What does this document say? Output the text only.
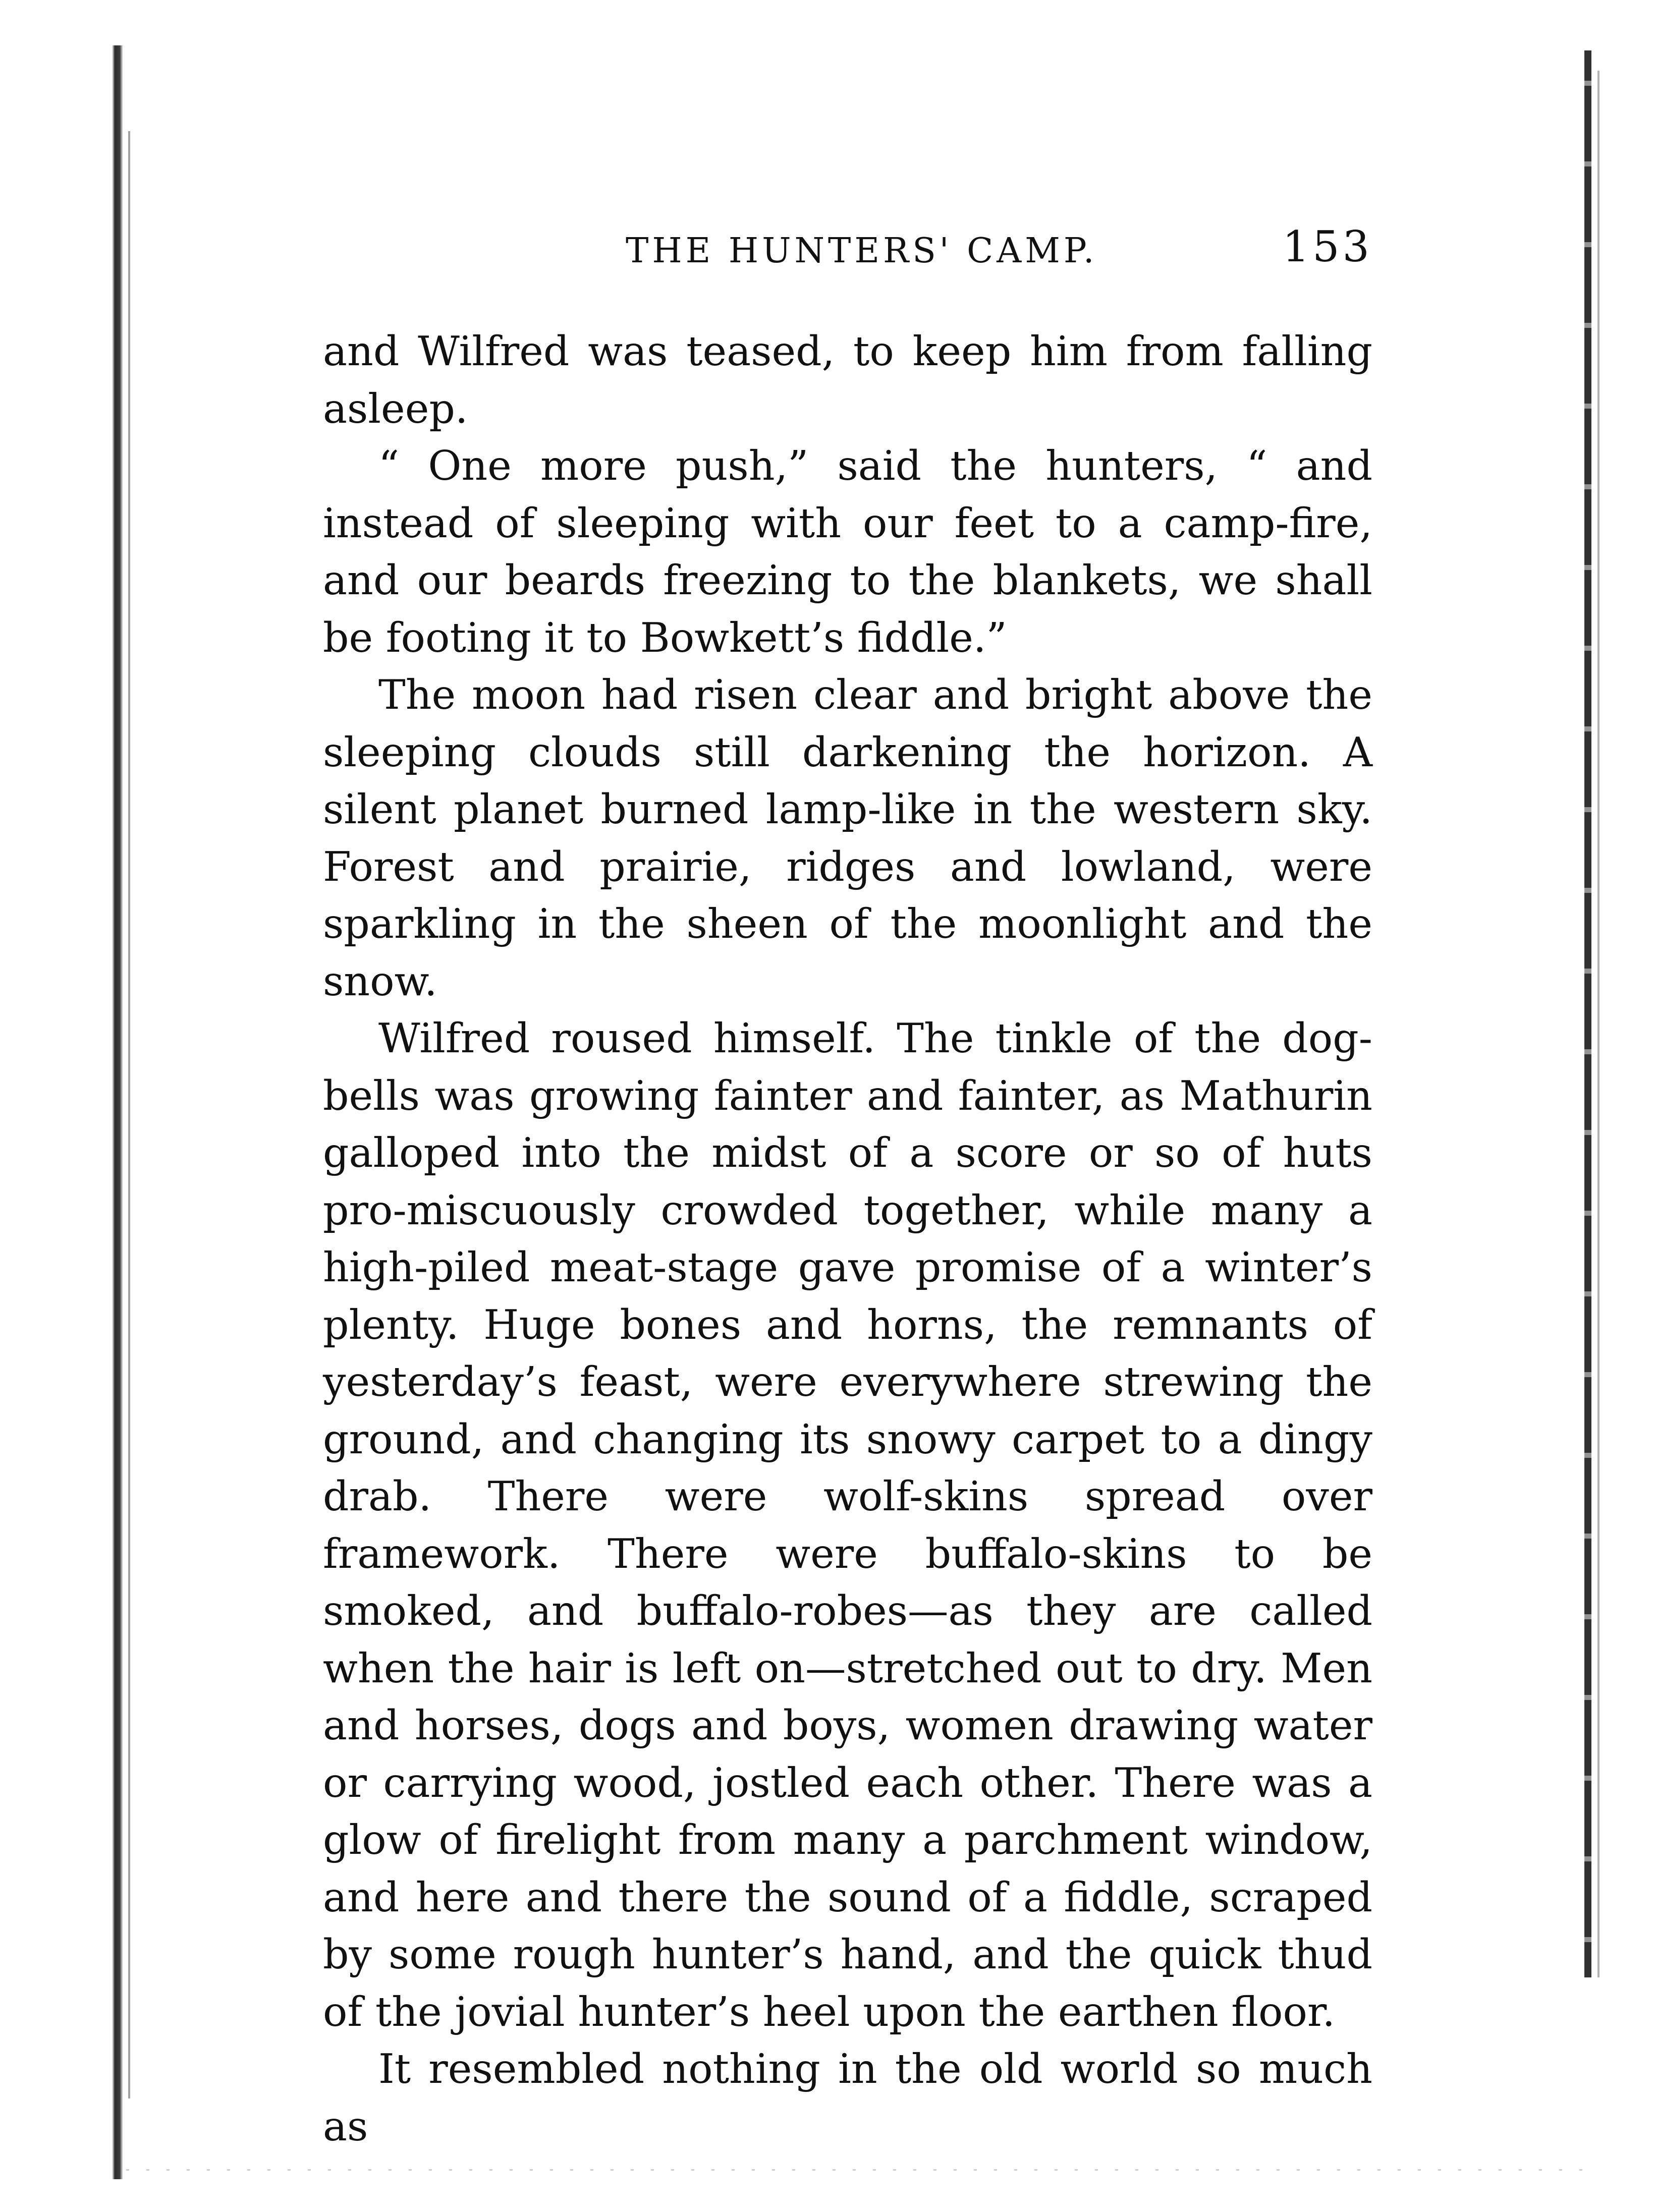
THE HUNTERS' CAMP.	153

and Wilfred was teased, to keep him from falling asleep.

“ One more push,” said the hunters, “ and instead of sleeping with our feet to a camp-fire, and our beards freezing to the blankets, we shall be footing it to Bowkett’s fiddle.”

The moon had risen clear and bright above the sleeping clouds still darkening the horizon. A silent planet burned lamp-like in the western sky. Forest and prairie, ridges and lowland, were sparkling in the sheen of the moonlight and the snow.

Wilfred roused himself. The tinkle of the dog-bells was growing fainter and fainter, as Mathurin galloped into the midst of a score or so of huts pro-miscuously crowded together, while many a high-piled meat-stage gave promise of a winter’s plenty. Huge bones and horns, the remnants of yesterday’s feast, were everywhere strewing the ground, and changing its snowy carpet to a dingy drab. There were wolf-skins spread over framework. There were buffalo-skins to be smoked, and buffalo-robes—as they are called when the hair is left on—stretched out to dry. Men and horses, dogs and boys, women drawing water or carrying wood, jostled each other. There was a glow of firelight from many a parchment window, and here and there the sound of a fiddle, scraped by some rough hunter’s hand, and the quick thud of the jovial hunter’s heel upon the earthen floor.

It resembled nothing in the old world so much as
